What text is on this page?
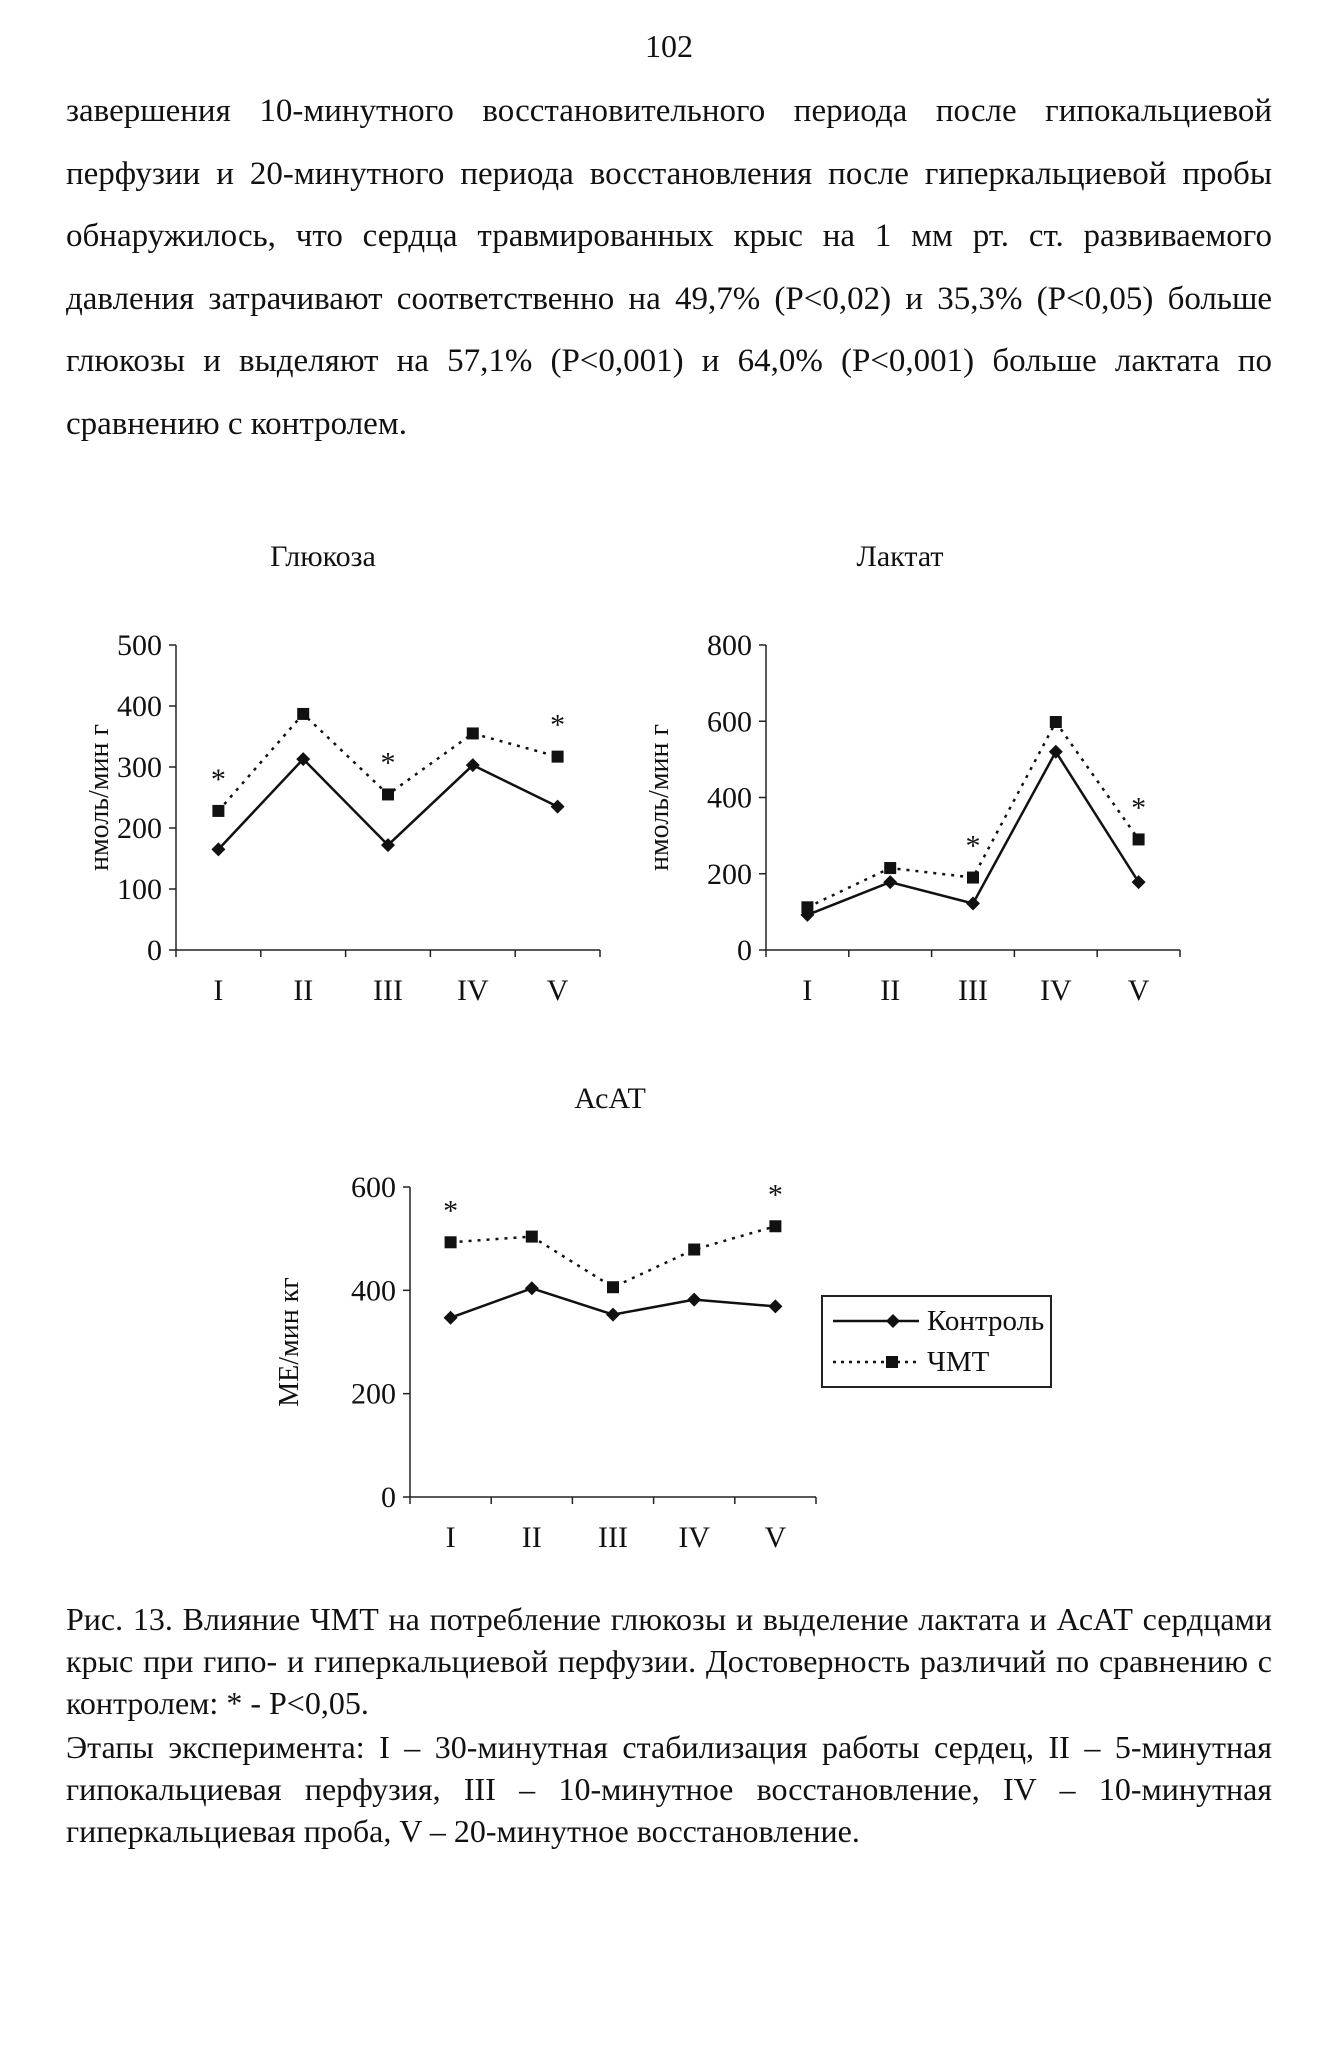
102

завершения 10-минутного восстановительного периода после гипокальциевой перфузии и 20-минутного периода восстановления после гиперкальциевой пробы обнаружилось, что сердца травмированных крыс на 1 мм рт. ст. развиваемого давления затрачивают соответственно на 49,7% (P<0,02) и 35,3% (P<0,05) больше глюкозы и выделяют на 57,1% (P<0,001) и 64,0% (P<0,001) больше лактата по сравнению с контролем.

Глюкоза	Лактат
АсАТ
0
100
200
300
400
500
I II III IV V
нмоль/мин г	*	*
*
0
200
400
600
800
I II III IV V
нмоль/мин г	*
*
0
200
400
600
I II III IV V
МЕ/мин кг
*	*
Контроль
ЧМТ

Рис. 13. Влияние ЧМТ на потребление глюкозы и выделение лактата и АсАТ сердцами крыс при гипо- и гиперкальциевой перфузии. Достоверность различий по сравнению с контролем: * - P<0,05.

Этапы эксперимента: I – 30-минутная стабилизация работы сердец, II – 5-минутная гипокальциевая перфузия, III – 10-минутное восстановление, IV – 10-минутная гиперкальциевая проба, V – 20-минутное восстановление.
